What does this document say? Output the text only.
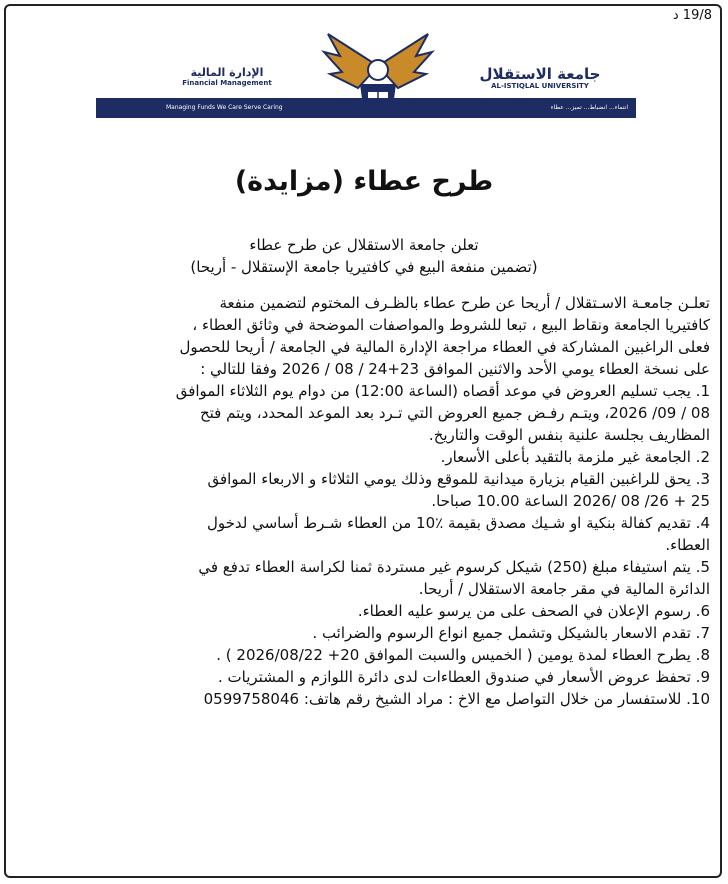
19/8 د
الإدارة المالية
Financial Management	جامعة الاستقلال
AL-ISTIQLAL UNIVERSITY
Managing Funds We Care Serve Caring	انتماء... انضباط... تميز... عطاء
طرح عطاء (مزايدة)
تعلن جامعة الاستقلال عن طرح عطاء
(تضمين منفعة البيع في كافتيريا جامعة الإستقلال - أريحا)

تعلـن جامعـة الاسـتقلال / أريحا عن طرح عطاء بالظـرف المختوم لتضمين منفعة

كافتيريا الجامعة ونقاط البيع ، تبعا للشروط والمواصفات الموضحة في وثائق العطاء ،

فعلى الراغبين المشاركة في العطاء مراجعة الإدارة المالية في الجامعة / أريحا للحصول

على نسخة العطاء يومي الأحد والاثنين الموافق 23+24 / 08 / 2026 وفقا للتالي :

1. يجب تسليم العروض في موعد أقصاه (الساعة 12:00) من دوام يوم الثلاثاء الموافق

08 / 09/ 2026، ويتـم رفـض جميع العروض التي تـرد بعد الموعد المحدد، ويتم فتح

المظاريف بجلسة علنية بنفس الوقت والتاريخ.

2. الجامعة غير ملزمة بالتقيد بأعلى الأسعار.

3. يحق للراغبين القيام بزيارة ميدانية للموقع وذلك يومي الثلاثاء و الاربعاء الموافق

25 + 26/ 08 /2026 الساعة 10.00 صباحا.

4. تقديم كفالة بنكية او شـيك مصدق بقيمة ٪10 من العطاء شـرط أساسي لدخول

العطاء.

5. يتم استيفاء مبلغ (250) شيكل كرسوم غير مستردة ثمنا لكراسة العطاء تدفع في

الدائرة المالية في مقر جامعة الاستقلال / أريحا.

6. رسوم الإعلان في الصحف على من يرسو عليه العطاء.

7. تقدم الاسعار بالشيكل وتشمل جميع انواع الرسوم والضرائب .

8. يطرح العطاء لمدة يومين ( الخميس والسبت الموافق 20+ 2026/08/22 ) .

9. تحفظ عروض الأسعار في صندوق العطاءات لدى دائرة اللوازم و المشتريات .

10. للاستفسار من خلال التواصل مع الاخ : مراد الشيخ رقم هاتف: 0599758046
